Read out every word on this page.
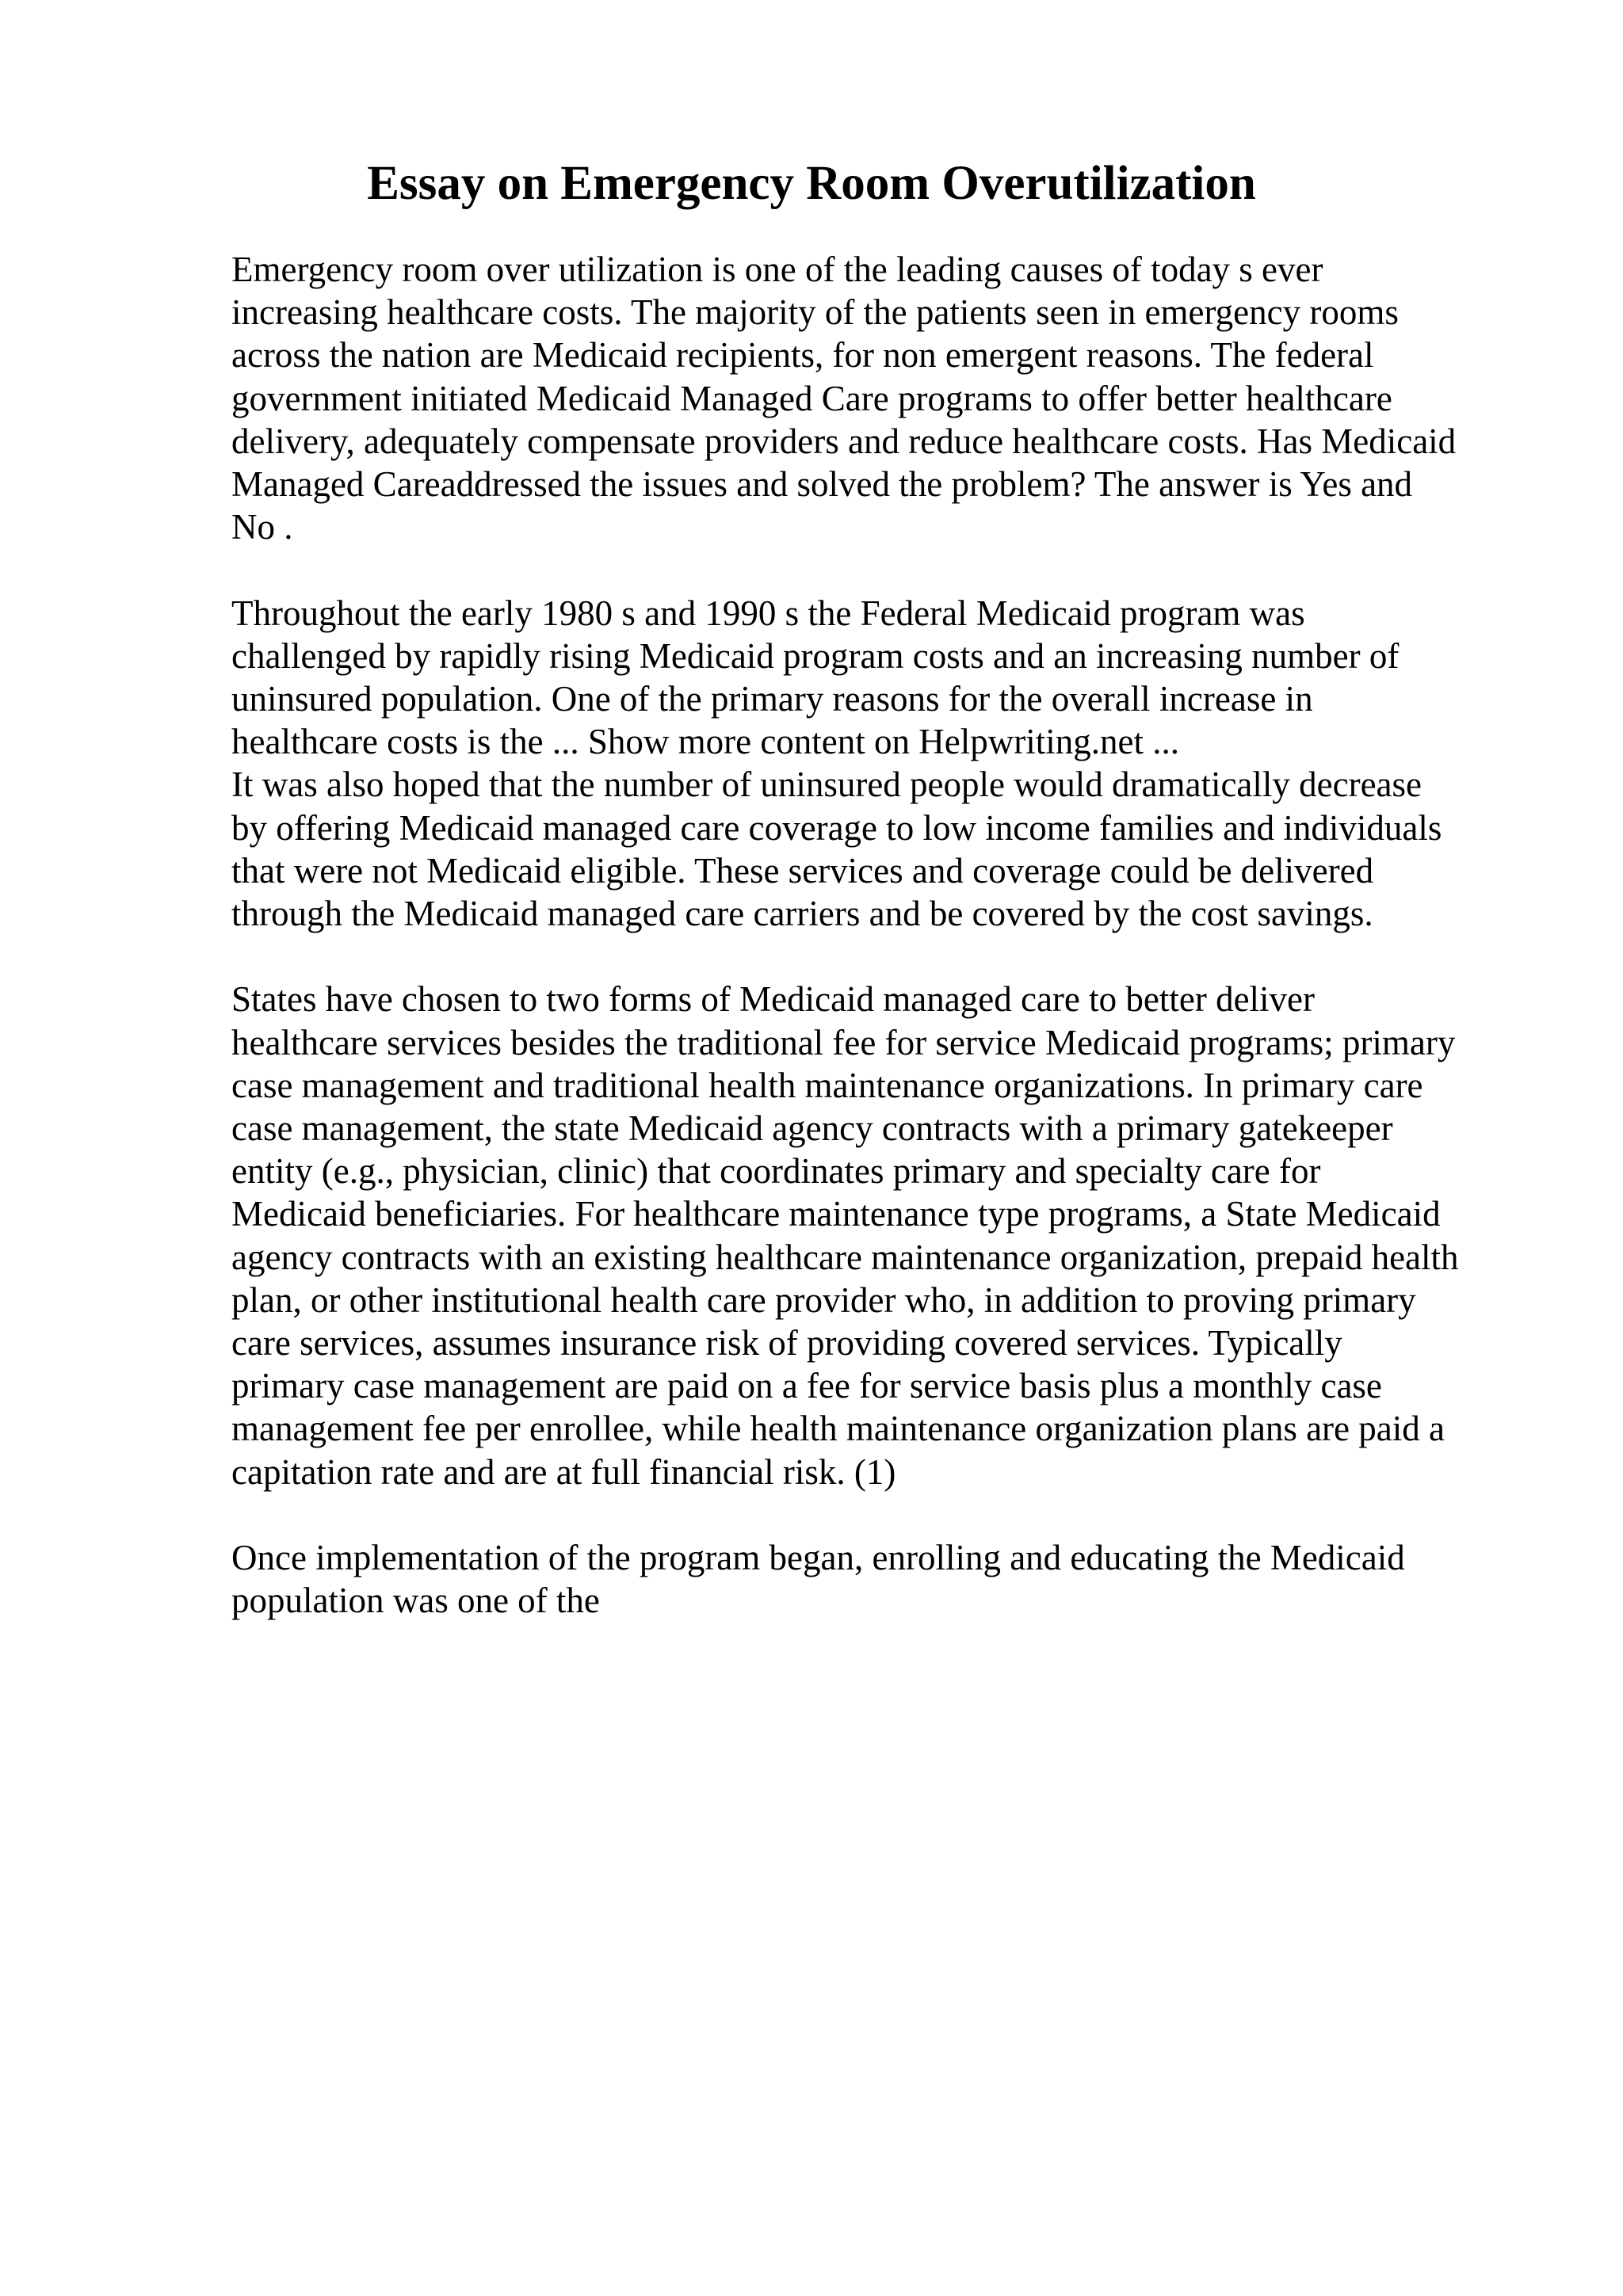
Essay on Emergency Room Overutilization

Emergency room over utilization is one of the leading causes of today s ever
increasing healthcare costs. The majority of the patients seen in emergency rooms
across the nation are Medicaid recipients, for non emergent reasons. The federal
government initiated Medicaid Managed Care programs to offer better healthcare
delivery, adequately compensate providers and reduce healthcare costs. Has Medicaid
Managed Careaddressed the issues and solved the problem? The answer is Yes and
No .

Throughout the early 1980 s and 1990 s the Federal Medicaid program was
challenged by rapidly rising Medicaid program costs and an increasing number of
uninsured population. One of the primary reasons for the overall increase in
healthcare costs is the ... Show more content on Helpwriting.net ...

It was also hoped that the number of uninsured people would dramatically decrease
by offering Medicaid managed care coverage to low income families and individuals
that were not Medicaid eligible. These services and coverage could be delivered
through the Medicaid managed care carriers and be covered by the cost savings.

States have chosen to two forms of Medicaid managed care to better deliver
healthcare services besides the traditional fee for service Medicaid programs; primary
case management and traditional health maintenance organizations. In primary care
case management, the state Medicaid agency contracts with a primary gatekeeper
entity (e.g., physician, clinic) that coordinates primary and specialty care for
Medicaid beneficiaries. For healthcare maintenance type programs, a State Medicaid
agency contracts with an existing healthcare maintenance organization, prepaid health
plan, or other institutional health care provider who, in addition to proving primary
care services, assumes insurance risk of providing covered services. Typically
primary case management are paid on a fee for service basis plus a monthly case
management fee per enrollee, while health maintenance organization plans are paid a
capitation rate and are at full financial risk. (1)

Once implementation of the program began, enrolling and educating the Medicaid
population was one of the
